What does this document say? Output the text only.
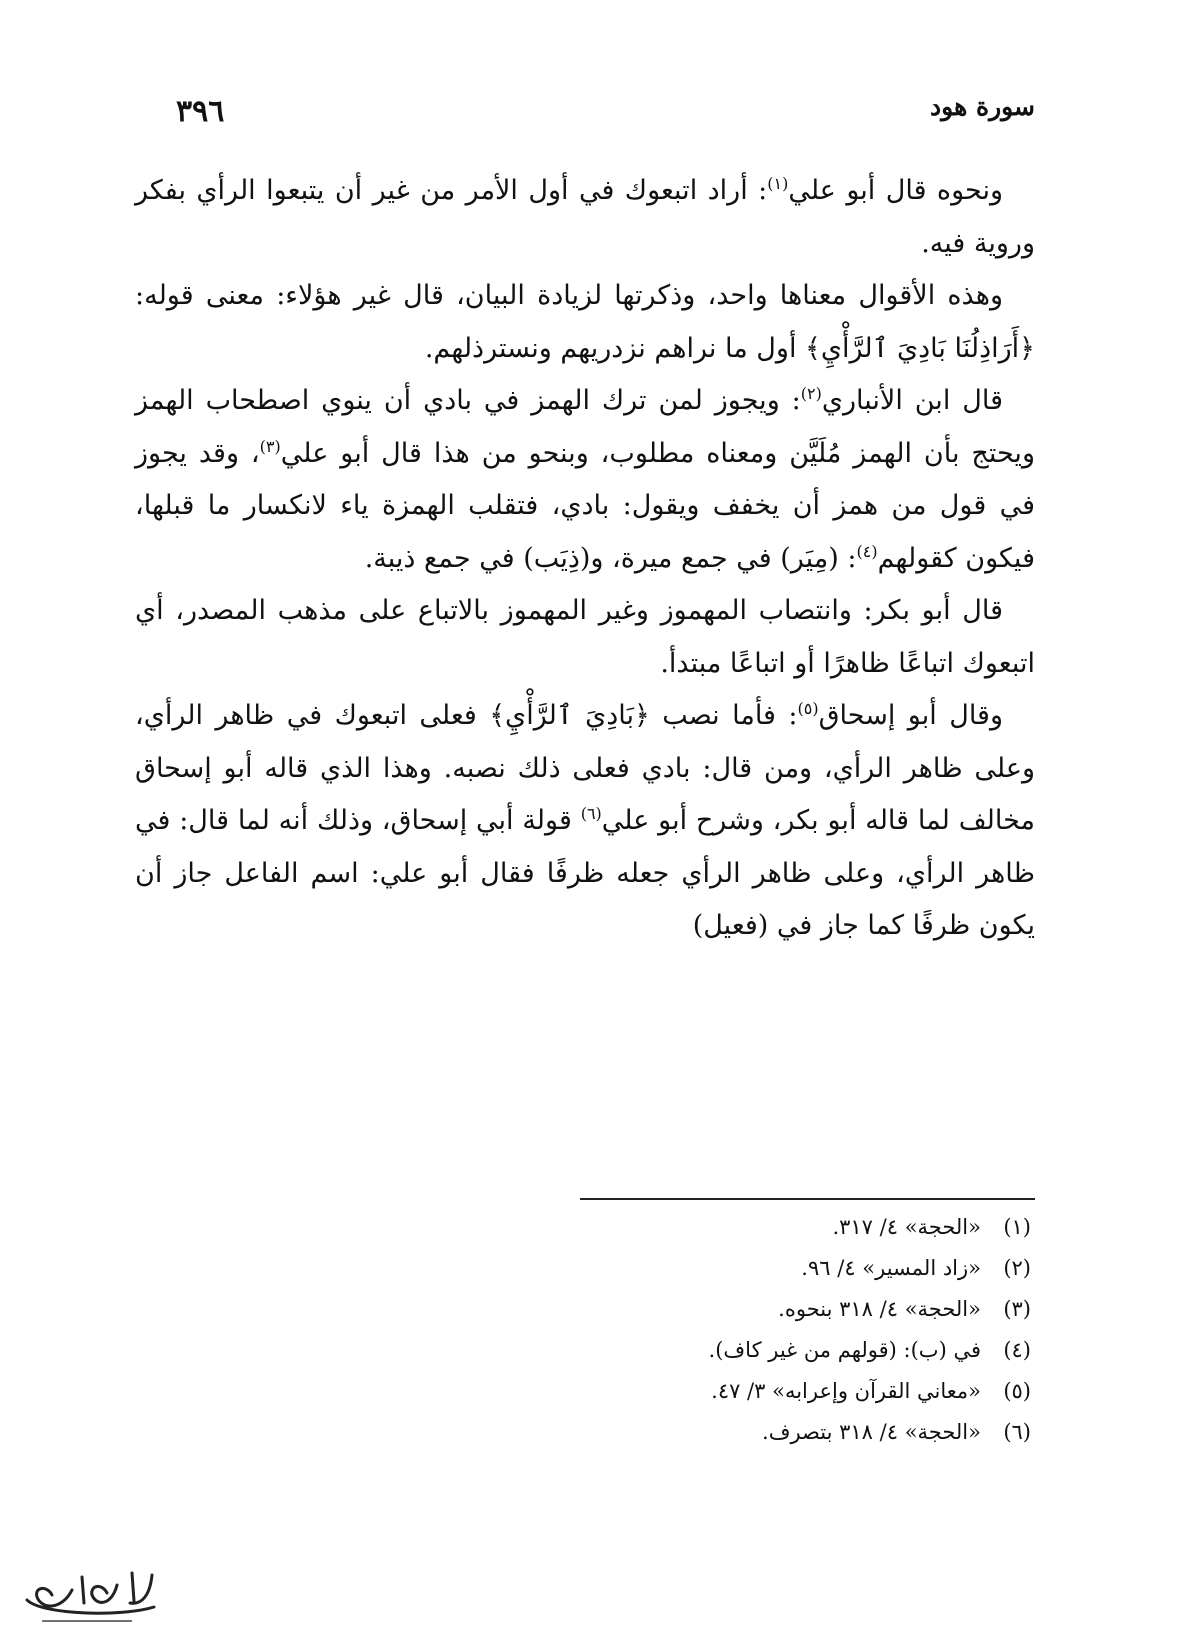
٣٩٦	سورة هود

ونحوه قال أبو علي$^{(١)}$: أراد اتبعوك في أول الأمر من غير أن يتبعوا الرأي بفكر وروية فيه.

وهذه الأقوال معناها واحد، وذكرتها لزيادة البيان، قال غير هؤلاء: معنى قوله: ﴿أَرَاذِلُنَا بَادِيَ ٱلرَّأْيِ﴾ أول ما نراهم نزدريهم ونسترذلهم.

قال ابن الأنباري$^{(٢)}$: ويجوز لمن ترك الهمز في بادي أن ينوي اصطحاب الهمز ويحتج بأن الهمز مُلَيَّن ومعناه مطلوب، وبنحو من هذا قال أبو علي$^{(٣)}$، وقد يجوز في قول من همز أن يخفف ويقول: بادي، فتقلب الهمزة ياء لانكسار ما قبلها، فيكون كقولهم$^{(٤)}$: (مِيَر) في جمع ميرة، و(ذِيَب) في جمع ذيبة.

قال أبو بكر: وانتصاب المهموز وغير المهموز بالاتباع على مذهب المصدر، أي اتبعوك اتباعًا ظاهرًا أو اتباعًا مبتدأ.

وقال أبو إسحاق$^{(٥)}$: فأما نصب ﴿بَادِيَ ٱلرَّأْيِ﴾ فعلى اتبعوك في ظاهر الرأي، وعلى ظاهر الرأي، ومن قال: بادي فعلى ذلك نصبه. وهذا الذي قاله أبو إسحاق مخالف لما قاله أبو بكر، وشرح أبو علي$^{(٦)}$ قولة أبي إسحاق، وذلك أنه لما قال: في ظاهر الرأي، وعلى ظاهر الرأي جعله ظرفًا فقال أبو علي: اسم الفاعل جاز أن يكون ظرفًا كما جاز في (فعيل)

(١)
«الحجة» ٤/ ٣١٧.
(٢)
«زاد المسير» ٤/ ٩٦.
(٣)
«الحجة» ٤/ ٣١٨ بنحوه.
(٤)
في (ب): (قولهم من غير كاف).
(٥)
«معاني القرآن وإعرابه» ٣/ ٤٧.
(٦)
«الحجة» ٤/ ٣١٨ بتصرف.
